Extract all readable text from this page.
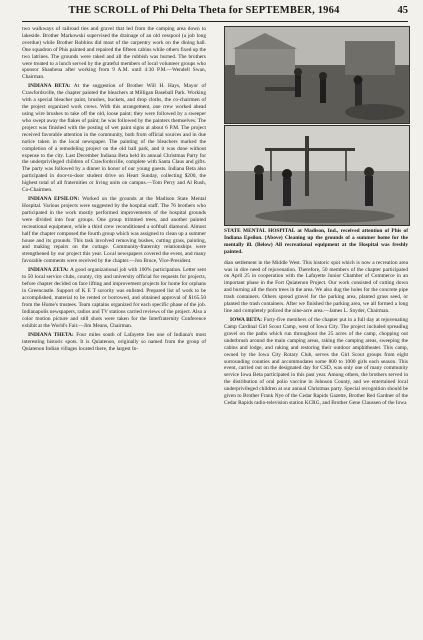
THE SCROLL of Phi Delta Theta for SEPTEMBER, 1964	45

two walkways of railroad ties and gravel that led from the camping area down to lakeside. Brother Markowski supervised the drainage of an old cesspool (a job long overdue) while Brother Robbins did most of the carpentry work on the dining hall. One squadron of Phis painted and repaired the fifteen cabins while others fixed up the two latrines. The grounds were raked and all the rubbish was burned. The brothers were treated to a lunch served by the grateful members of local volunteer groups who sponsor Shaubena after working from 9 A.M. until 4:30 P.M.—Wendell Swan, Chairman.

INDIANA BETA: At the suggestion of Brother Will H. Hays, Mayor of Crawfordsville, the chapter painted the bleachers at Milligan Baseball Park. Working with a special bleacher paint, brushes, buckets, and drop cloths, the co-chairmen of the project organized work crews. With this arrangement, one crew worked ahead using wire brushes to take off the old, loose paint; they were followed by a sweeper who swept away the flakes of paint; he was followed by the painters themselves. The project was finished with the posting of wet paint signs at about 6 P.M. The project received favorable attention in the community, both from official sources and in due notice taken in the local newspaper. The painting of the bleachers marked the completion of a remodeling project on the old ball park, and it was done without expense to the city. Last December Indiana Beta held its annual Christmas Party for the underprivileged children of Crawfordsville, complete with Santa Claus and gifts. The party was followed by a dinner in honor of our young guests. Indiana Beta also participated in door-to-door student drive on Heart Sunday, collecting $200, the highest total of all fraternities or living units on campus.—Tom Perry and Al Rush, Co-Chairmen.

INDIANA EPSILON: Worked on the grounds at the Madison State Mental Hospital. Various projects were suggested by the hospital staff. The 76 brothers who participated in the work mostly performed improvements of the hospital grounds were divided into four groups. One group trimmed trees, and another painted recreational equipment, while a third crew reconditioned a softball diamond. Almost half the chapter composed the fourth group which was assigned to clean up a summer house and its grounds. This task involved removing bushes, cutting grass, painting, and making repairs on the cottage. Community-fraternity relationships were strengthened by our project this year. Local newspapers covered the event, and many favorable comments were received by the chapter.—Jon Bruce, Vice-President.

INDIANA ZETA: A good organizational job with 100% participation. Letter sent to 50 local service clubs, county, city and university official for requests for projects, before chapter decided on face lifting and improvement projects for home for orphans in Greencastle. Support of K E T sorority was enlisted. Prepared list of work to be accomplished, material to be rented or borrowed, and obtained approval of $165.50 from the Home's trustees. Team captains organized for each specific phase of the job. Indianapolis newspapers, radios and TV stations carried reviews of the project. Also a color motion picture and still shots were taken for the Interfraternity Conference exhibit at the World's Fair.—Jim Means, Chairman.

INDIANA THETA: Four miles south of Lafayette lies one of Indiana's most interesting historic spots. It is Quiatenon, originally so named from the group of Quiatenon Indian villages located there, the largest In-

STATE MENTAL HOSPITAL at Madison, Ind., received attention of Phis of Indiana Epsilon. (Above) Cleaning up the grounds of a summer home for the mentally ill. (Below) All recreational equipment at the Hospital was freshly painted.

dian settlement in the Middle West. This historic spot which is now a recreation area was in dire need of rejuvenation. Therefore, 50 members of the chapter participated on April 25 in cooperation with the Lafayette Junior Chamber of Commerce in an important phase in the Fort Quiatenon Project. Our work consisted of cutting down and burning all the thorn trees in the area. We also dug the holes for the concrete pipe trash containers. Others spread gravel for the parking area, planted grass seed, or planted the trash containers. After we finished the parking area, we all formed a long line and completely policed the nine-acre area.—James L. Snyder, Chairman.

IOWA BETA: Forty-five members of the chapter put in a full day at rejuvenating Camp Cardinal Girl Scout Camp, west of Iowa City. The project included spreading gravel on the paths which run throughout the 25 acres of the camp, chopping out underbrush around the main camping areas, raking the camping areas, sweeping the cabins and lodge, and raking and restoring their outdoor amphitheater. This camp, owned by the Iowa City Rotary Club, serves the Girl Scout groups from eight surrounding counties and accommodates some 800 to 1000 girls each season. This event, carried out on the designated day for CSD, was only one of many community service Iowa Beta participated in this past year. Among others, the brothers served in the distribution of oral polio vaccine in Johnson County, and we entertained local underprivileged children at our annual Christmas party. Special recognition should be given to Brother Frank Nye of the Cedar Rapids Gazette, Brother Red Gardner of the Cedar Rapids radio-television station KCRG, and Brother Gene Claussen of the Iowa
